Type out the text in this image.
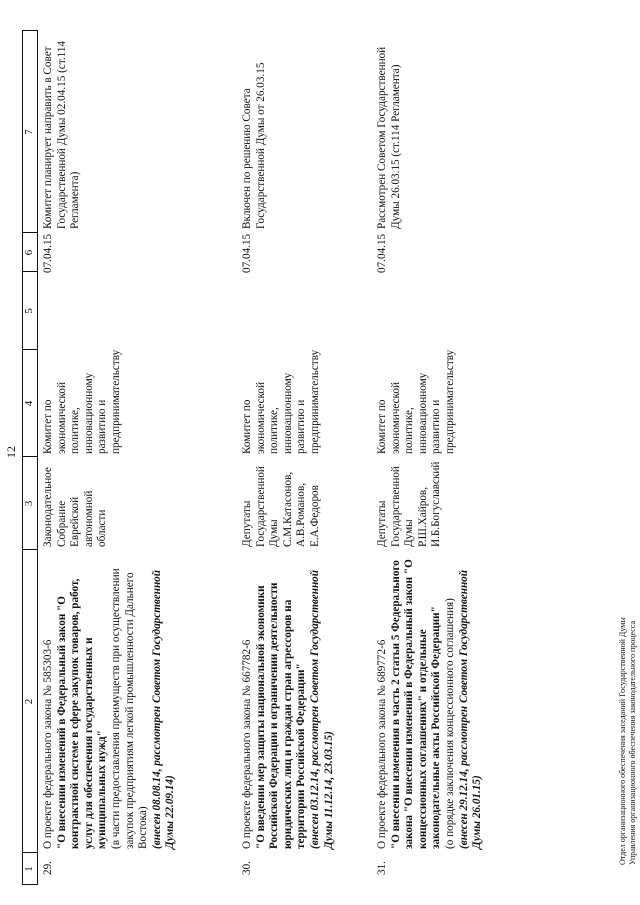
12
1
2
3
4
5
6
7
29.
О проекте федерального закона № 585303-6 "О внесении изменений в Федеральный закон "О контрактной системе в сфере закупок товаров, работ, услуг для обеспечения государственных и муниципальных нужд" (в части предоставления преимуществ при осуществлении закупок предприятиям легкой промышленности Дальнего Востока) (внесен 08.08.14, рассмотрен Советом Государственной Думы 22.09.14)
Законодательное Собрание Еврейской автономной области
Комитет по экономической политике, инновационному развитию и предпринимательству
07.04.15
Комитет планирует направить в Совет Государственной Думы 02.04.15 (ст.114 Регламента)
30.
О проекте федерального закона № 667782-6 "О введении мер защиты национальной экономики Российской Федерации и ограничении деятельности юридических лиц и граждан стран агрессоров на территории Российской Федерации" (внесен 03.12.14, рассмотрен Советом Государственной Думы 11.12.14, 23.03.15)
Депутаты Государственной Думы С.М.Катасонов, А.В.Романов, Е.А.Федоров
Комитет по экономической политике, инновационному развитию и предпринимательству
07.04.15
Включен по решению Совета Государственной Думы от 26.03.15
31.
О проекте федерального закона № 689772-6 "О внесении изменения в часть 2 статьи 5 Федерального закона "О внесении изменений в Федеральный закон "О концессионных соглашениях" и отдельные законодательные акты Российской Федерации" (о порядке заключения концессионного соглашения) (внесен 29.12.14, рассмотрен Советом Государственной Думы 26.01.15)
Депутаты Государственной Думы Р.Ш.Хайров, И.Б.Богуславский
Комитет по экономической политике, инновационному развитию и предпринимательству
07.04.15
Рассмотрен Советом Государственной Думы 26.03.15 (ст.114 Регламента)
Отдел организационного обеспечения заседаний Государственной Думы Управления организационного обеспечения законодательного процесса
